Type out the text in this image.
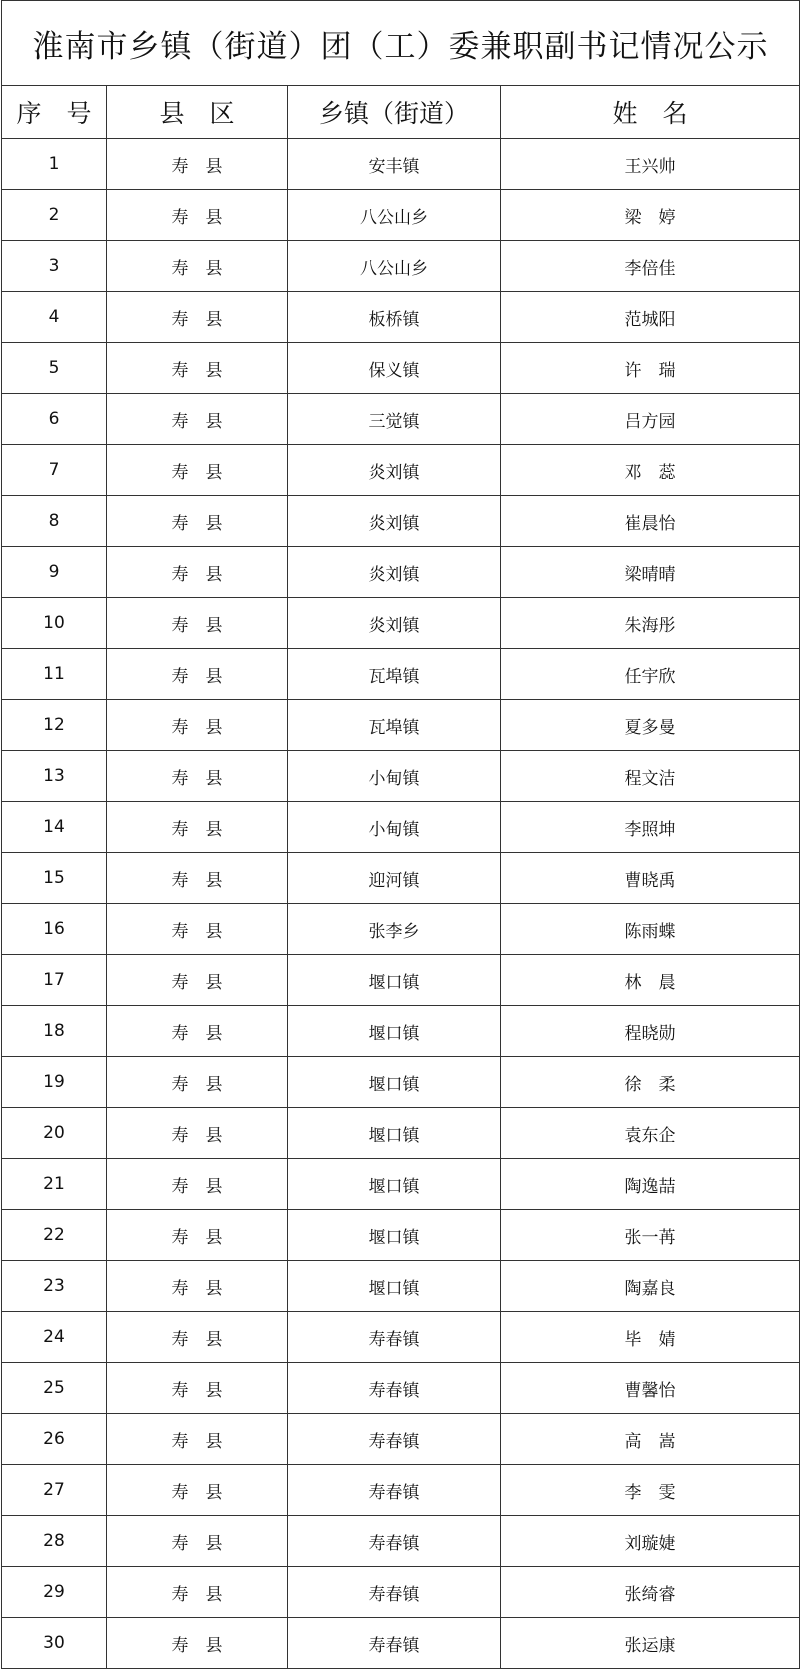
淮南市乡镇（街道）团（工）委兼职副书记情况公示			
序　号	县　区	乡镇（街道）	姓　名
1	寿　县	安丰镇	王兴帅
2	寿　县	八公山乡	梁　婷
3	寿　县	八公山乡	李倍佳
4	寿　县	板桥镇	范城阳
5	寿　县	保义镇	许　瑞
6	寿　县	三觉镇	吕方园
7	寿　县	炎刘镇	邓　蕊
8	寿　县	炎刘镇	崔晨怡
9	寿　县	炎刘镇	梁晴晴
10	寿　县	炎刘镇	朱海彤
11	寿　县	瓦埠镇	任宇欣
12	寿　县	瓦埠镇	夏多曼
13	寿　县	小甸镇	程文洁
14	寿　县	小甸镇	李照坤
15	寿　县	迎河镇	曹晓禹
16	寿　县	张李乡	陈雨蝶
17	寿　县	堰口镇	林　晨
18	寿　县	堰口镇	程晓勋
19	寿　县	堰口镇	徐　柔
20	寿　县	堰口镇	袁东企
21	寿　县	堰口镇	陶逸喆
22	寿　县	堰口镇	张一苒
23	寿　县	堰口镇	陶嘉良
24	寿　县	寿春镇	毕　婧
25	寿　县	寿春镇	曹馨怡
26	寿　县	寿春镇	高　嵩
27	寿　县	寿春镇	李　雯
28	寿　县	寿春镇	刘璇婕
29	寿　县	寿春镇	张绮睿
30	寿　县	寿春镇	张运康
